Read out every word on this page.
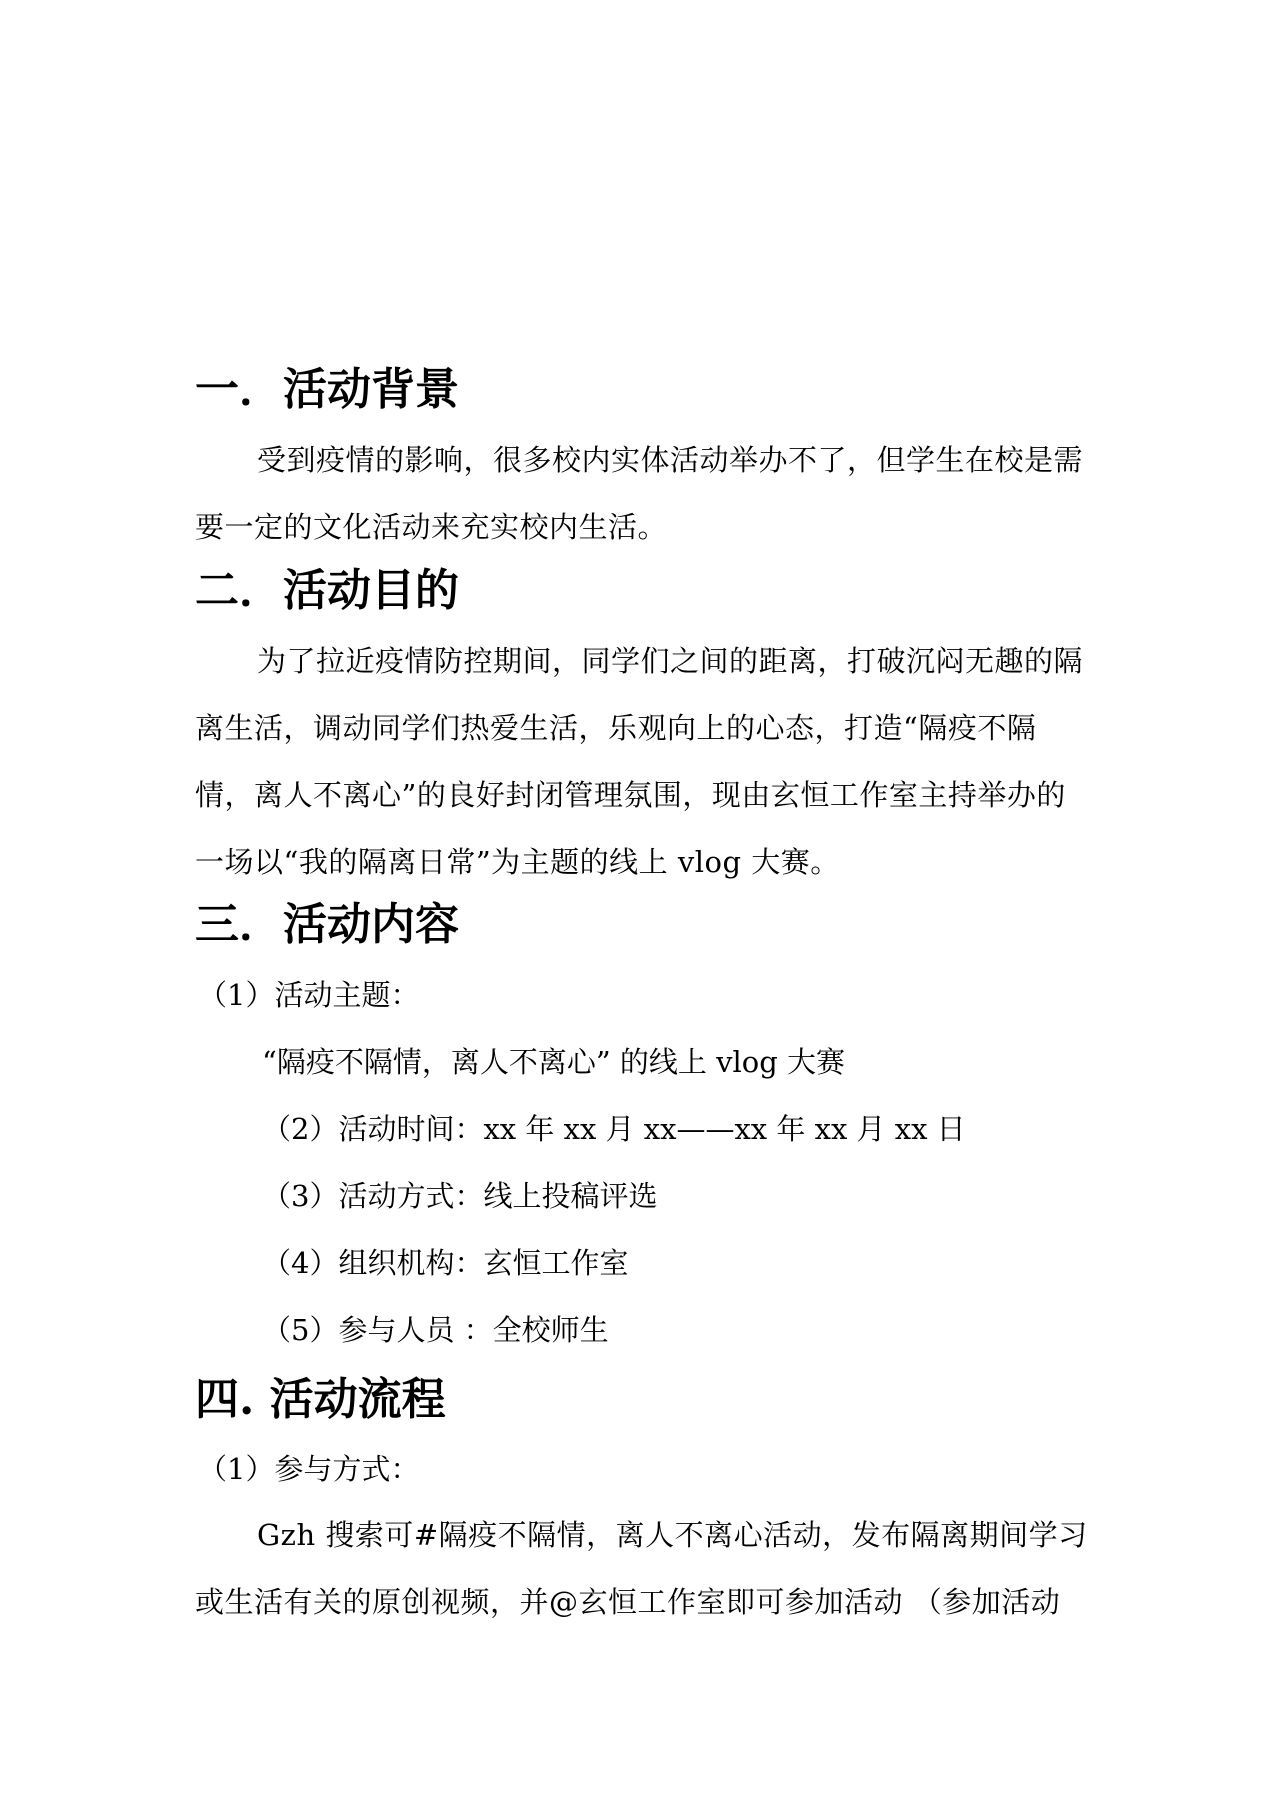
一．活动背景

受到疫情的影响，很多校内实体活动举办不了，但学生在校是需要一定的文化活动来充实校内生活。

二．活动目的

为了拉近疫情防控期间，同学们之间的距离，打破沉闷无趣的隔离生活，调动同学们热爱生活，乐观向上的心态，打造“隔疫不隔情，离人不离心”的良好封闭管理氛围，现由玄恒工作室主持举办的一场以“我的隔离日常”为主题的线上 vlog 大赛。

三．活动内容
（1）活动主题：
“隔疫不隔情，离人不离心” 的线上 vlog 大赛
（2）活动时间：xx 年 xx 月 xx——xx 年 xx 月 xx 日
（3）活动方式：线上投稿评选
（4）组织机构：玄恒工作室
（5）参与人员 ：全校师生
四. 活动流程
（1）参与方式：

Gzh 搜索可#隔疫不隔情，离人不离心活动，发布隔离期间学习或生活有关的原创视频，并@玄恒工作室即可参加活动 （参加活动
